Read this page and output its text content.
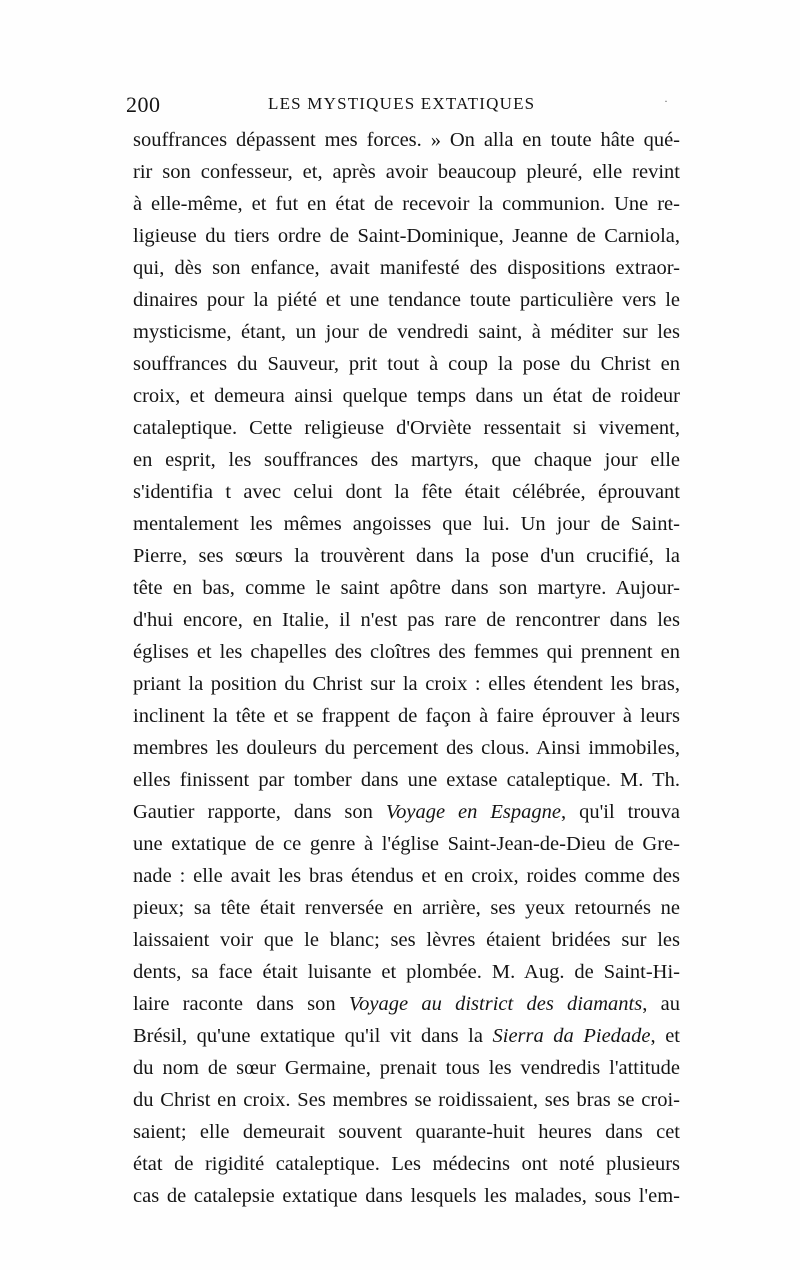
200	LES MYSTIQUES EXTATIQUES	·
souffrances dépassent mes forces. » On alla en toute hâte qué-
rir son confesseur, et, après avoir beaucoup pleuré, elle revint
à elle-même, et fut en état de recevoir la communion. Une re-
ligieuse du tiers ordre de Saint-Dominique, Jeanne de Carniola,
qui, dès son enfance, avait manifesté des dispositions extraor-
dinaires pour la piété et une tendance toute particulière vers le
mysticisme, étant, un jour de vendredi saint, à méditer sur les
souffrances du Sauveur, prit tout à coup la pose du Christ en
croix, et demeura ainsi quelque temps dans un état de roideur
cataleptique. Cette religieuse d'Orviète ressentait si vivement,
en esprit, les souffrances des martyrs, que chaque jour elle
s'identifia t avec celui dont la fête était célébrée, éprouvant
mentalement les mêmes angoisses que lui. Un jour de Saint-
Pierre, ses sœurs la trouvèrent dans la pose d'un crucifié, la
tête en bas, comme le saint apôtre dans son martyre. Aujour-
d'hui encore, en Italie, il n'est pas rare de rencontrer dans les
églises et les chapelles des cloîtres des femmes qui prennent en
priant la position du Christ sur la croix : elles étendent les bras,
inclinent la tête et se frappent de façon à faire éprouver à leurs
membres les douleurs du percement des clous. Ainsi immobiles,
elles finissent par tomber dans une extase cataleptique. M. Th.
Gautier rapporte, dans son Voyage en Espagne, qu'il trouva
une extatique de ce genre à l'église Saint-Jean-de-Dieu de Gre-
nade : elle avait les bras étendus et en croix, roides comme des
pieux; sa tête était renversée en arrière, ses yeux retournés ne
laissaient voir que le blanc; ses lèvres étaient bridées sur les
dents, sa face était luisante et plombée. M. Aug. de Saint-Hi-
laire raconte dans son Voyage au district des diamants, au
Brésil, qu'une extatique qu'il vit dans la Sierra da Piedade, et
du nom de sœur Germaine, prenait tous les vendredis l'attitude
du Christ en croix. Ses membres se roidissaient, ses bras se croi-
saient; elle demeurait souvent quarante-huit heures dans cet
état de rigidité cataleptique. Les médecins ont noté plusieurs
cas de catalepsie extatique dans lesquels les malades, sous l'em-
